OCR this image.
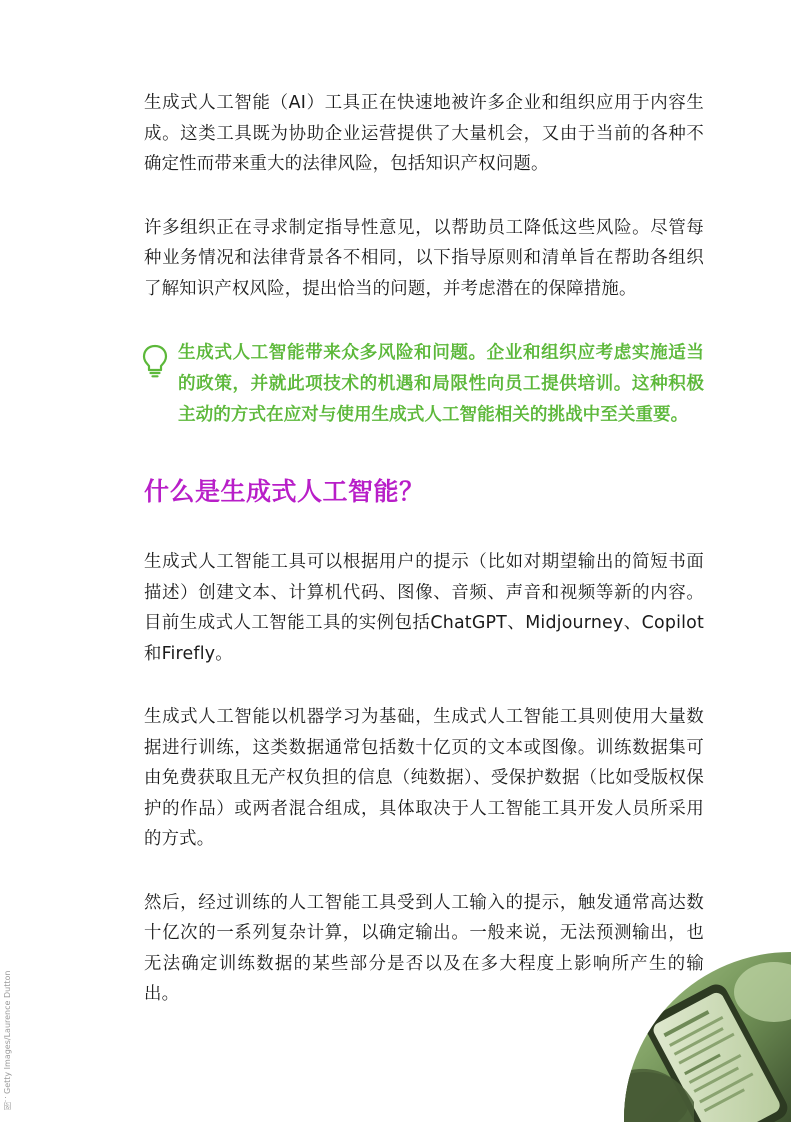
生成式人工智能（AI）工具正在快速地被许多企业和组织应用于内容生成。这类工具既为协助企业运营提供了大量机会，又由于当前的各种不确定性而带来重大的法律风险，包括知识产权问题。

许多组织正在寻求制定指导性意见，以帮助员工降低这些风险。尽管每种业务情况和法律背景各不相同，以下指导原则和清单旨在帮助各组织了解知识产权风险，提出恰当的问题，并考虑潜在的保障措施。

生成式人工智能带来众多风险和问题。企业和组织应考虑实施适当的政策，并就此项技术的机遇和局限性向员工提供培训。这种积极主动的方式在应对与使用生成式人工智能相关的挑战中至关重要。

什么是生成式人工智能？

生成式人工智能工具可以根据用户的提示（比如对期望输出的简短书面描述）创建文本、计算机代码、图像、音频、声音和视频等新的内容。目前生成式人工智能工具的实例包括ChatGPT、Midjourney、Copilot和Firefly。

生成式人工智能以机器学习为基础，生成式人工智能工具则使用大量数据进行训练，这类数据通常包括数十亿页的文本或图像。训练数据集可由免费获取且无产权负担的信息（纯数据）、受保护数据（比如受版权保护的作品）或两者混合组成，具体取决于人工智能工具开发人员所采用的方式。

然后，经过训练的人工智能工具受到人工输入的提示，触发通常高达数十亿次的一系列复杂计算，以确定输出。一般来说，无法预测输出，也无法确定训练数据的某些部分是否以及在多大程度上影响所产生的输出。

图：Getty Images/Laurence Dutton
